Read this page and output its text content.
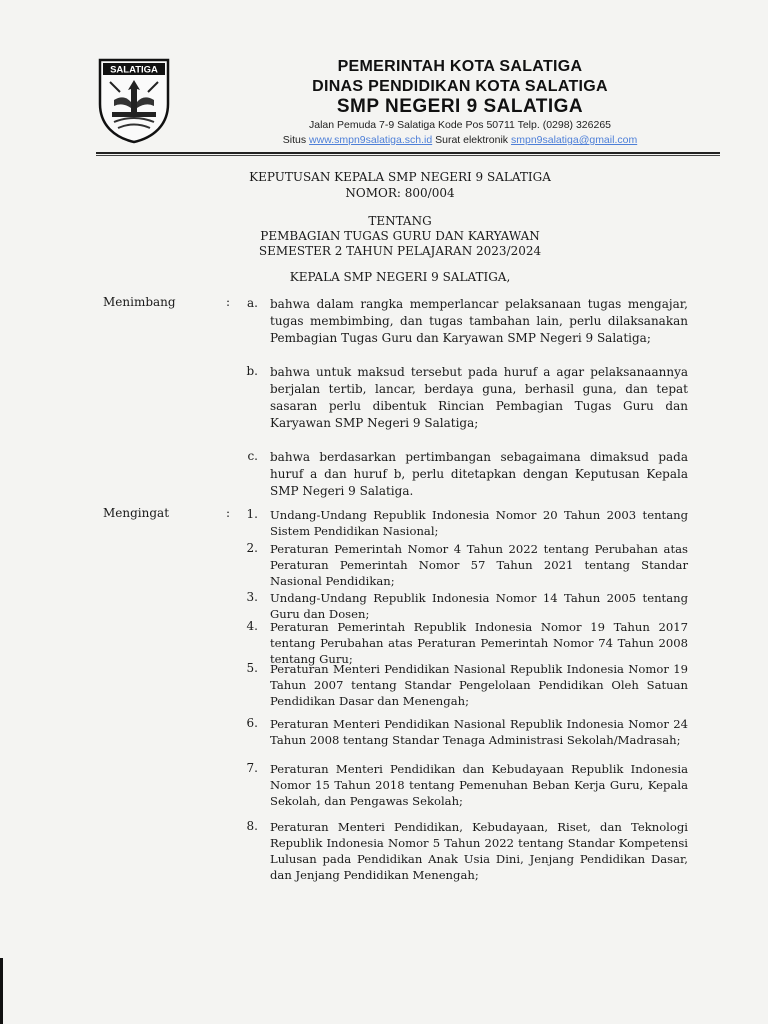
SALATIGA	PEMERINTAH KOTA SALATIGA
DINAS PENDIDIKAN KOTA SALATIGA
SMP NEGERI 9 SALATIGA
Jalan Pemuda 7-9 Salatiga Kode Pos 50711 Telp. (0298) 326265
Situs www.smpn9salatiga.sch.id Surat elektronik smpn9salatiga@gmail.com
KEPUTUSAN KEPALA SMP NEGERI 9 SALATIGA
NOMOR: 800/004
TENTANG
PEMBAGIAN TUGAS GURU DAN KARYAWAN
SEMESTER 2 TAHUN PELAJARAN 2023/2024
KEPALA SMP NEGERI 9 SALATIGA,
Menimbang	:	a. bahwa dalam rangka memperlancar pelaksanaan tugas mengajar, tugas membimbing, dan tugas tambahan lain, perlu dilaksanakan Pembagian Tugas Guru dan Karyawan SMP Negeri 9 Salatiga;
b. bahwa untuk maksud tersebut pada huruf a agar pelaksanaannya berjalan tertib, lancar, berdaya guna, berhasil guna, dan tepat sasaran perlu dibentuk Rincian Pembagian Tugas Guru dan Karyawan SMP Negeri 9 Salatiga;
c. bahwa berdasarkan pertimbangan sebagaimana dimaksud pada huruf a dan huruf b, perlu ditetapkan dengan Keputusan Kepala SMP Negeri 9 Salatiga.
Mengingat	:	1. Undang-Undang Republik Indonesia Nomor 20 Tahun 2003 tentang Sistem Pendidikan Nasional;
2. Peraturan Pemerintah Nomor 4 Tahun 2022 tentang Perubahan atas Peraturan Pemerintah Nomor 57 Tahun 2021 tentang Standar Nasional Pendidikan;
3. Undang-Undang Republik Indonesia Nomor 14 Tahun 2005 tentang Guru dan Dosen;
4. Peraturan Pemerintah Republik Indonesia Nomor 19 Tahun 2017 tentang Perubahan atas Peraturan Pemerintah Nomor 74 Tahun 2008 tentang Guru;
5. Peraturan Menteri Pendidikan Nasional Republik Indonesia Nomor 19 Tahun 2007 tentang Standar Pengelolaan Pendidikan Oleh Satuan Pendidikan Dasar dan Menengah;
6. Peraturan Menteri Pendidikan Nasional Republik Indonesia Nomor 24 Tahun 2008 tentang Standar Tenaga Administrasi Sekolah/Madrasah;
7. Peraturan Menteri Pendidikan dan Kebudayaan Republik Indonesia Nomor 15 Tahun 2018 tentang Pemenuhan Beban Kerja Guru, Kepala Sekolah, dan Pengawas Sekolah;
8. Peraturan Menteri Pendidikan, Kebudayaan, Riset, dan Teknologi Republik Indonesia Nomor 5 Tahun 2022 tentang Standar Kompetensi Lulusan pada Pendidikan Anak Usia Dini, Jenjang Pendidikan Dasar, dan Jenjang Pendidikan Menengah;
